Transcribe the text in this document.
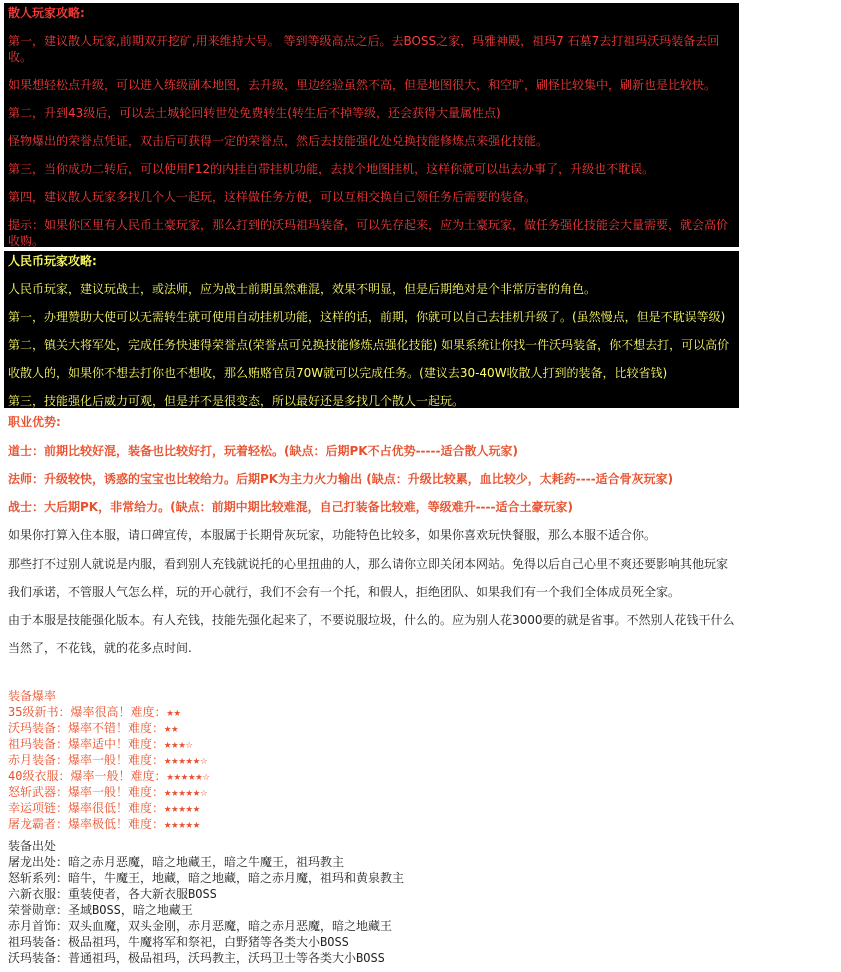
散人玩家攻略:
第一，建议散人玩家,前期双开挖矿,用来维持大号。 等到等级高点之后。去BOSS之家，玛雅神殿，祖玛7 石墓7去打祖玛沃玛装备去回收。
如果想轻松点升级，可以进入练级副本地图，去升级，里边经验虽然不高，但是地图很大，和空旷，刷怪比较集中，刷新也是比较快。
第二，升到43级后，可以去土城轮回转世处免费转生(转生后不掉等级，还会获得大量属性点)
怪物爆出的荣誉点凭证，双击后可获得一定的荣誉点，然后去技能强化处兑换技能修炼点来强化技能。
第三，当你成功二转后，可以使用F12的内挂自带挂机功能，去找个地图挂机，这样你就可以出去办事了，升级也不耽误。
第四，建议散人玩家多找几个人一起玩，这样做任务方便，可以互相交换自己领任务后需要的装备。
提示：如果你区里有人民币土豪玩家，那么打到的沃玛祖玛装备，可以先存起来，应为土豪玩家，做任务强化技能会大量需要，就会高价收购。
人民币玩家攻略:
人民币玩家，建议玩战士，或法师，应为战士前期虽然难混，效果不明显，但是后期绝对是个非常厉害的角色。
第一，办理赞助大使可以无需转生就可使用自动挂机功能，这样的话，前期，你就可以自己去挂机升级了。(虽然慢点，但是不耽误等级)
第二，镇关大将军处，完成任务快速得荣誉点(荣誉点可兑换技能修炼点强化技能) 如果系统让你找一件沃玛装备，你不想去打，可以高价
收散人的，如果你不想去打你也不想收，那么贿赂官员70W就可以完成任务。(建议去30-40W收散人打到的装备，比较省钱)
第三，技能强化后威力可观，但是并不是很变态，所以最好还是多找几个散人一起玩。
职业优势:
道士：前期比较好混，装备也比较好打，玩着轻松。(缺点：后期PK不占优势-----适合散人玩家)
法师：升级较快，诱惑的宝宝也比较给力。后期PK为主力火力输出 (缺点：升级比较累，血比较少，太耗药----适合骨灰玩家)
战士：大后期PK，非常给力。(缺点：前期中期比较难混，自己打装备比较难，等级难升----适合土豪玩家)
如果你打算入住本服，请口碑宣传，本服属于长期骨灰玩家，功能特色比较多，如果你喜欢玩快餐服，那么本服不适合你。
那些打不过别人就说是内服，看到别人充钱就说托的心里扭曲的人，那么请你立即关闭本网站。免得以后自己心里不爽还要影响其他玩家
我们承诺，不管服人气怎么样，玩的开心就行，我们不会有一个托，和假人，拒绝团队、如果我们有一个我们全体成员死全家。
由于本服是技能强化版本。有人充钱，技能先强化起来了，不要说服垃圾，什么的。应为别人花3000要的就是省事。不然别人花钱干什么
当然了，不花钱，就的花多点时间.
装备爆率
35级新书：爆率很高！难度：★★
沃玛装备：爆率不错！难度：★★
祖玛装备：爆率适中！难度：★★★☆
赤月装备：爆率一般！难度：★★★★★☆
40级衣服：爆率一般！难度：★★★★★☆
怒斩武器：爆率一般！难度：★★★★★☆
幸运项链：爆率很低！难度：★★★★★
屠龙霸者：爆率极低！难度：★★★★★
装备出处
屠龙出处：暗之赤月恶魔，暗之地藏王，暗之牛魔王，祖玛教主
怒斩系列：暗牛，牛魔王，地藏，暗之地藏，暗之赤月魔，祖玛和黄泉教主
六新衣服：重装使者，各大新衣服BOSS
荣誉勋章：圣域BOSS，暗之地藏王
赤月首饰：双头血魔，双头金刚，赤月恶魔，暗之赤月恶魔，暗之地藏王
祖玛装备：极品祖玛，牛魔将军和祭祀，白野猪等各类大小BOSS
沃玛装备：普通祖玛，极品祖玛，沃玛教主，沃玛卫士等各类大小BOSS
